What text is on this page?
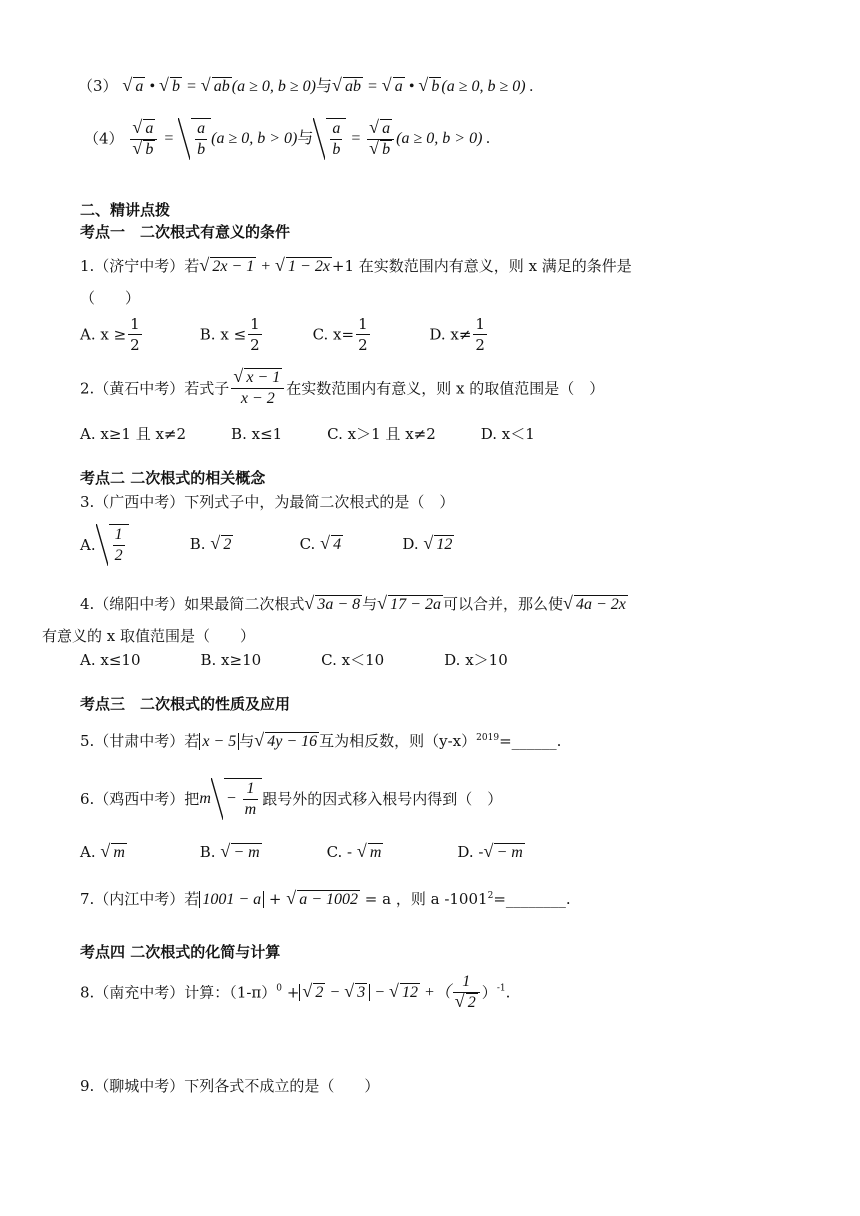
（3） √ a • √ b = √ ab (a ≥ 0, b ≥ 0)与 √ ab = √ a • √ b (a ≥ 0, b ≥ 0) .
（4） √ a
√ $b = \frac{a}{b} (a \ge 0$, b > 0)与 $\frac{a}{b}$ = √ a
√ b (a ≥ 0, b > 0) .
二、精讲点拨
考点一　二次根式有意义的条件
1.（济宁中考）若 √ 2x − 1 + √ 1 − 2x +1 在实数范围内有意义，则 x 满足的条件是
（　　）
A. $x \ge \frac{1}{2}$	B. $x \le \frac{1}{2}$	C. $x= \frac{1}{2}$	D. $x\ne \frac{1}{2}$
2.（黄石中考）若式子 √ $\frac{x - 1}{x - 2}$ 在实数范围内有意义，则 x 的取值范围是（　）
A. x≥1 且 x≠2　　　B. x≤1　　　C. x＞1 且 x≠2　　　D. x＜1
考点二 二次根式的相关概念
3.（广西中考）下列式子中，为最简二次根式的是（　）
A. $\frac{1}{2}$	B. √ 2	C. √ 4	D. √ 12
4.（绵阳中考）如果最简二次根式 √ 3a − 8 与 √ 17 − 2a 可以合并，那么使 √ 4a − 2x
有意义的 x 取值范围是（　　）
A. x≤10　　　　B. x≥10　　　　C. x＜10　　　　D. x＞10
考点三　二次根式的性质及应用
5.（甘肃中考）若 x − 5 与 √ 4y − 16 互为相反数，则$(y-x)^{2019}=\_\_\_\_\_\_$.
6.（鸡西中考）把$m - \frac{1}{m}$ 跟号外的因式移入根号内得到（　）
A. √ m	B. √ − m	C. - √ m	D. - √ − m
7.（内江中考）若 1001 − a + √ a − 1002 = a ，则 a $-1001^2=\_\_\_\_\_\_\_\_$.
考点四 二次根式的化简与计算
8.（南充中考）计算：$(1-\pi)^0$ + √ 2 − √ 3 − √ 12 +（ 1
√ 2 ）$^{-1}$.
9.（聊城中考）下列各式不成立的是（　　）
